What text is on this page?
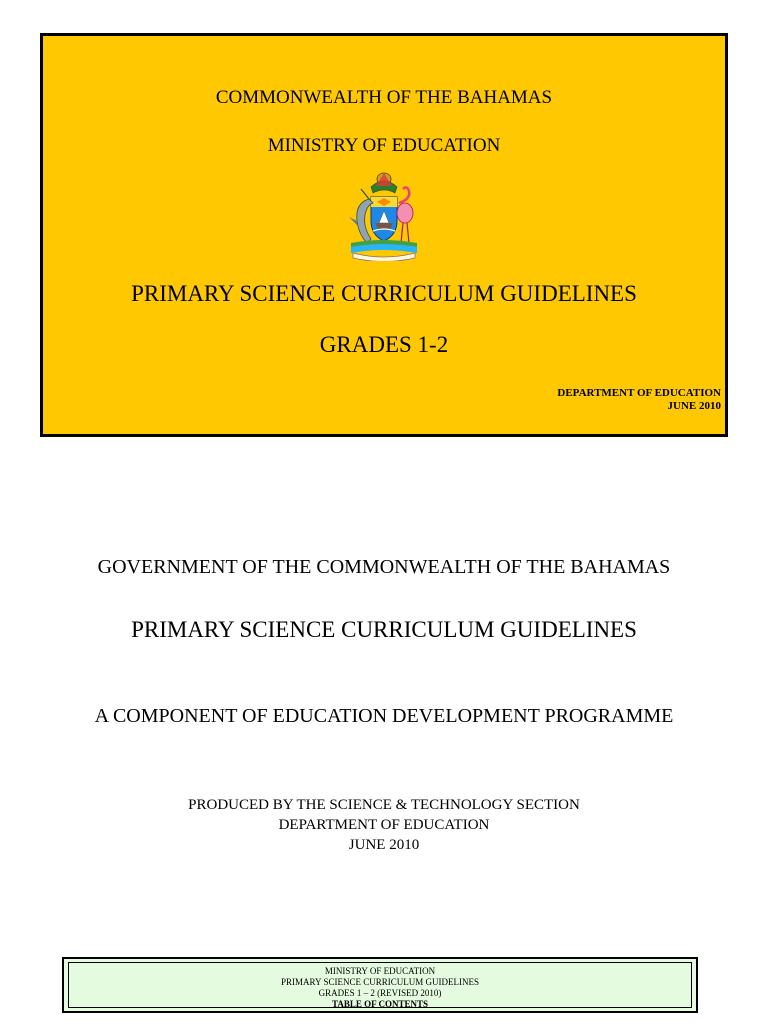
COMMONWEALTH OF THE BAHAMAS
MINISTRY OF EDUCATION
PRIMARY SCIENCE CURRICULUM GUIDELINES
GRADES 1-2
DEPARTMENT OF EDUCATION
JUNE 2010
GOVERNMENT OF THE COMMONWEALTH OF THE BAHAMAS
PRIMARY SCIENCE CURRICULUM GUIDELINES
A COMPONENT OF EDUCATION DEVELOPMENT PROGRAMME
PRODUCED BY THE SCIENCE & TECHNOLOGY SECTION
DEPARTMENT OF EDUCATION
JUNE 2010
MINISTRY OF EDUCATION
PRIMARY SCIENCE CURRICULUM GUIDELINES
GRADES 1 – 2 (REVISED 2010)
TABLE OF CONTENTS
